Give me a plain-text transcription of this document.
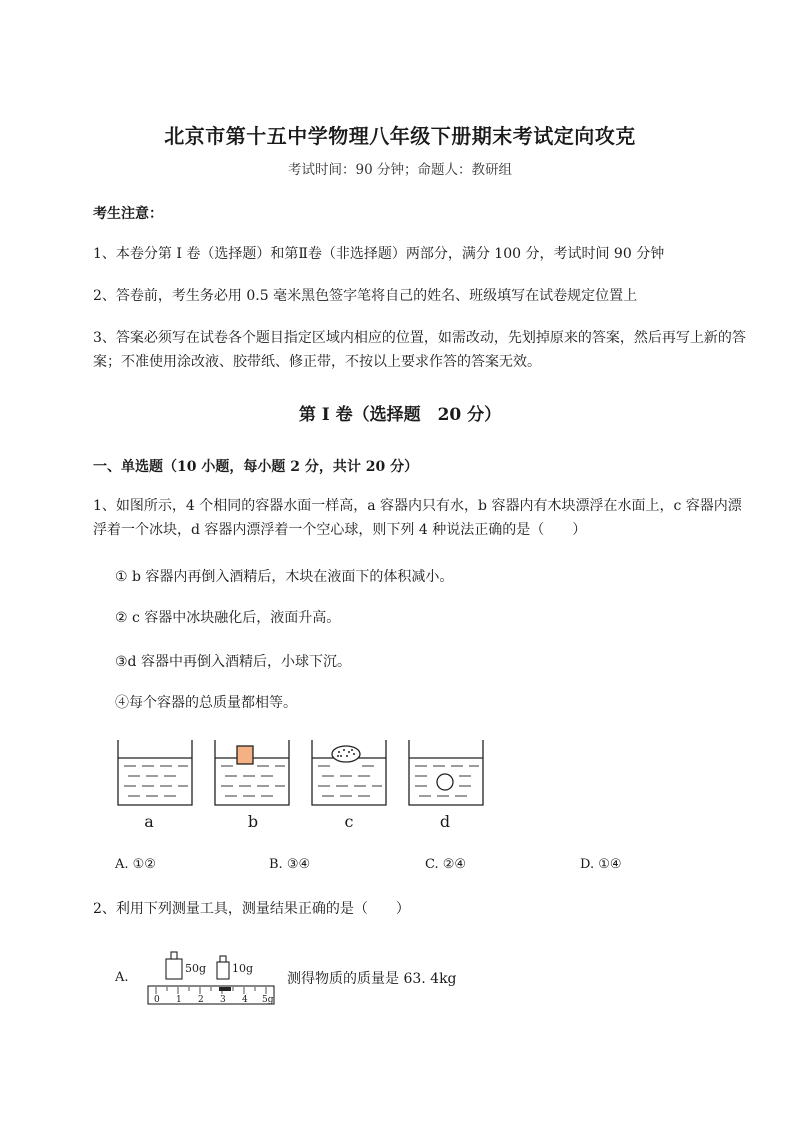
北京市第十五中学物理八年级下册期末考试定向攻克
考试时间：90 分钟；命题人：教研组
考生注意：
1、本卷分第 I 卷（选择题）和第Ⅱ卷（非选择题）两部分，满分 100 分，考试时间 90 分钟
2、答卷前，考生务必用 0.5 毫米黑色签字笔将自己的姓名、班级填写在试卷规定位置上
3、答案必须写在试卷各个题目指定区域内相应的位置，如需改动，先划掉原来的答案，然后再写上新的答案；不准使用涂改液、胶带纸、修正带，不按以上要求作答的答案无效。
第 I 卷（选择题　20 分）
一、单选题（10 小题，每小题 2 分，共计 20 分）
1、如图所示，4 个相同的容器水面一样高，a 容器内只有水，b 容器内有木块漂浮在水面上，c 容器内漂浮着一个冰块，d 容器内漂浮着一个空心球，则下列 4 种说法正确的是（　　）
① b 容器内再倒入酒精后，木块在液面下的体积减小。
② c 容器中冰块融化后，液面升高。
③d 容器中再倒入酒精后，小球下沉。
④每个容器的总质量都相等。
a	b	c	d
A. ①②	B. ③④	C. ②④	D. ①④
2、利用下列测量工具，测量结果正确的是（　　）
A.
50g 10g
0 1 2 3 4 5g
测得物质的质量是 63. 4kg
